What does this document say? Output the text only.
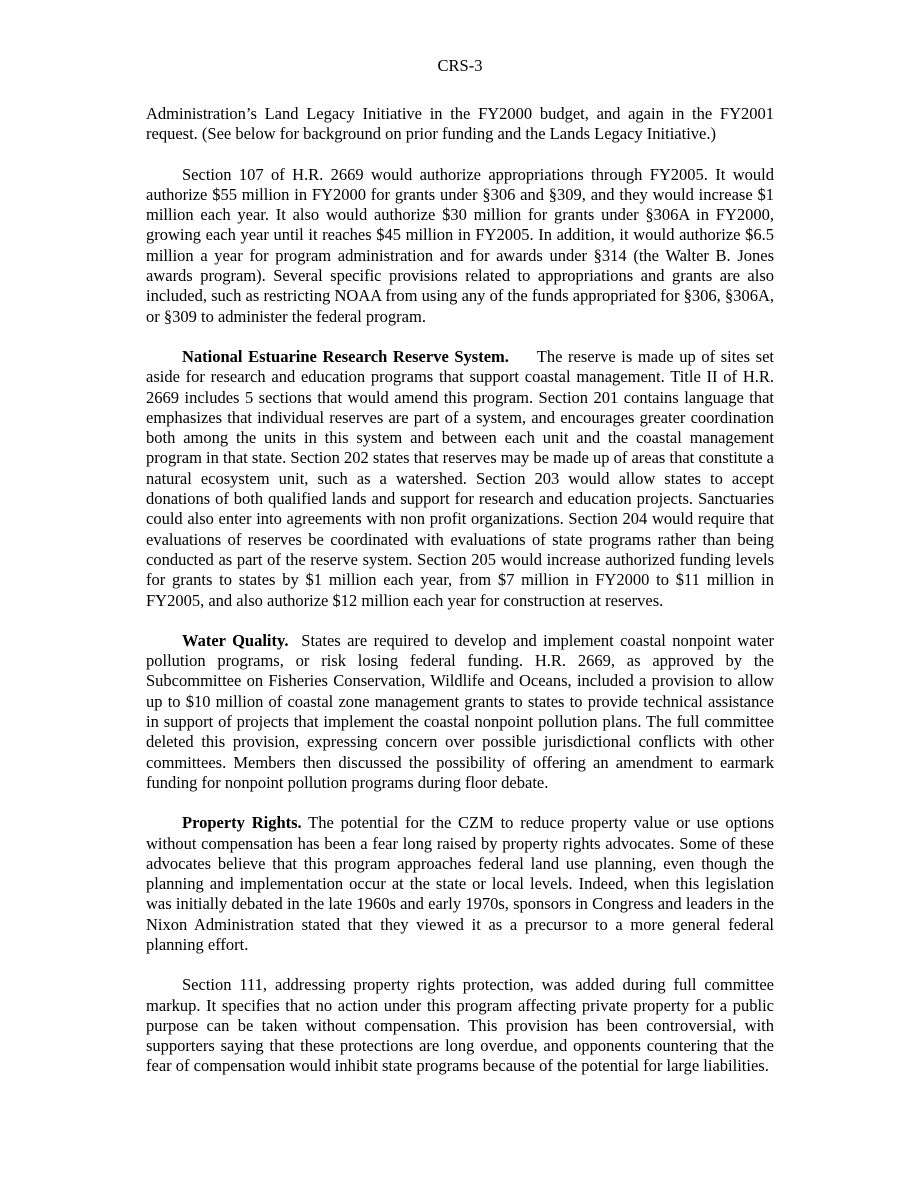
CRS-3

Administration’s Land Legacy Initiative in the FY2000 budget, and again in the FY2001 request. (See below for background on prior funding and the Lands Legacy Initiative.)

Section 107 of H.R. 2669 would authorize appropriations through FY2005. It would authorize $55 million in FY2000 for grants under §306 and §309, and they would increase $1 million each year. It also would authorize $30 million for grants under §306A in FY2000, growing each year until it reaches $45 million in FY2005. In addition, it would authorize $6.5 million a year for program administration and for awards under §314 (the Walter B. Jones awards program). Several specific provisions related to appropriations and grants are also included, such as restricting NOAA from using any of the funds appropriated for §306, §306A, or §309 to administer the federal program.

National Estuarine Research Reserve System. The reserve is made up of sites set aside for research and education programs that support coastal management. Title II of H.R. 2669 includes 5 sections that would amend this program. Section 201 contains language that emphasizes that individual reserves are part of a system, and encourages greater coordination both among the units in this system and between each unit and the coastal management program in that state. Section 202 states that reserves may be made up of areas that constitute a natural ecosystem unit, such as a watershed. Section 203 would allow states to accept donations of both qualified lands and support for research and education projects. Sanctuaries could also enter into agreements with non profit organizations. Section 204 would require that evaluations of reserves be coordinated with evaluations of state programs rather than being conducted as part of the reserve system. Section 205 would increase authorized funding levels for grants to states by $1 million each year, from $7 million in FY2000 to $11 million in FY2005, and also authorize $12 million each year for construction at reserves.

Water Quality. States are required to develop and implement coastal nonpoint water pollution programs, or risk losing federal funding. H.R. 2669, as approved by the Subcommittee on Fisheries Conservation, Wildlife and Oceans, included a provision to allow up to $10 million of coastal zone management grants to states to provide technical assistance in support of projects that implement the coastal nonpoint pollution plans. The full committee deleted this provision, expressing concern over possible jurisdictional conflicts with other committees. Members then discussed the possibility of offering an amendment to earmark funding for nonpoint pollution programs during floor debate.

Property Rights. The potential for the CZM to reduce property value or use options without compensation has been a fear long raised by property rights advocates. Some of these advocates believe that this program approaches federal land use planning, even though the planning and implementation occur at the state or local levels. Indeed, when this legislation was initially debated in the late 1960s and early 1970s, sponsors in Congress and leaders in the Nixon Administration stated that they viewed it as a precursor to a more general federal planning effort.

Section 111, addressing property rights protection, was added during full committee markup. It specifies that no action under this program affecting private property for a public purpose can be taken without compensation. This provision has been controversial, with supporters saying that these protections are long overdue, and opponents countering that the fear of compensation would inhibit state programs because of the potential for large liabilities.
